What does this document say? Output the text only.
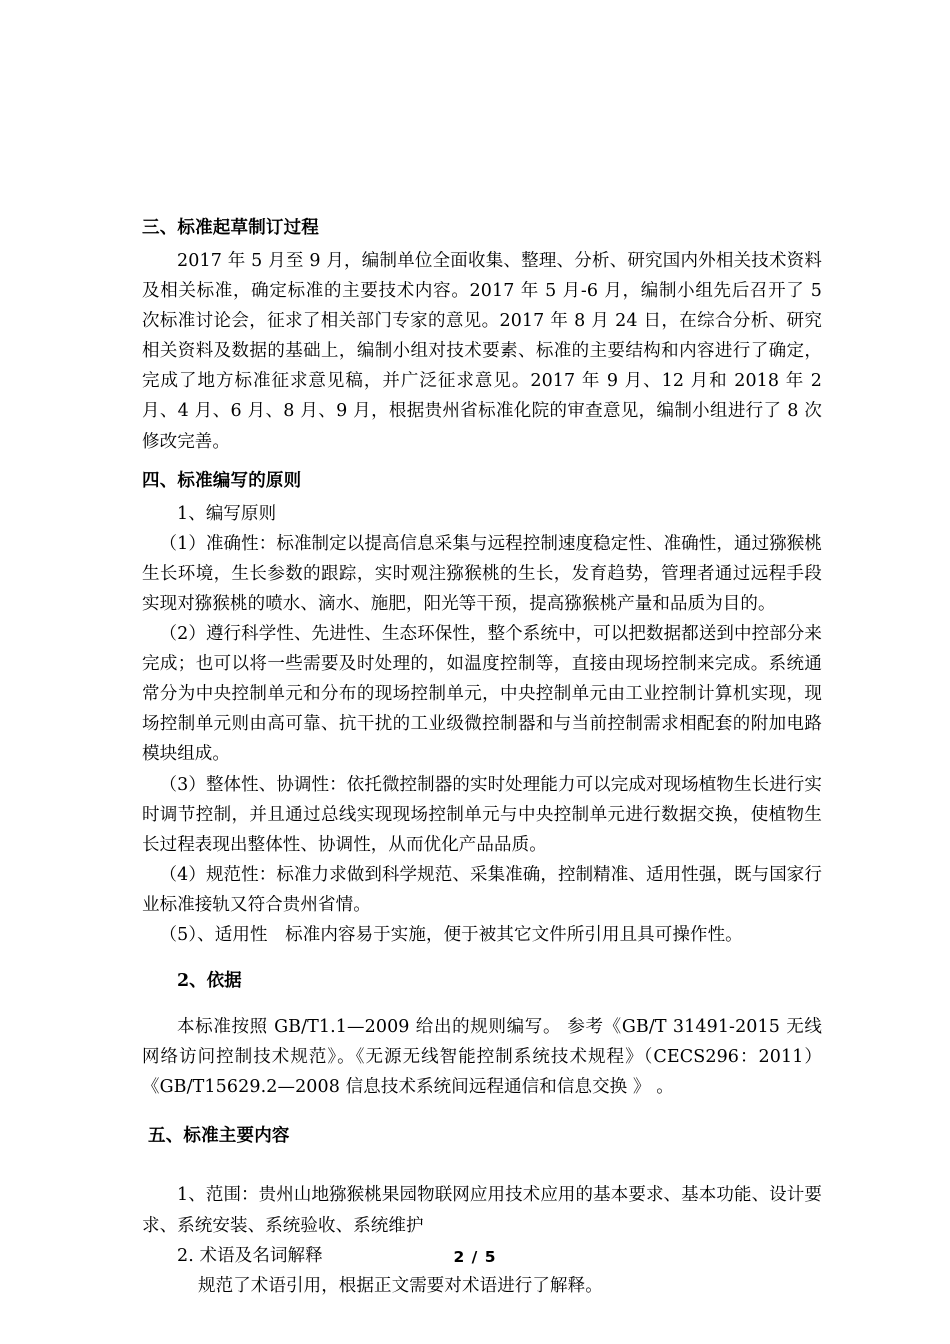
三、标准起草制订过程

2017 年 5 月至 9 月，编制单位全面收集、整理、分析、研究国内外相关技术资料及相关标准，确定标准的主要技术内容。2017 年 5 月-6 月，编制小组先后召开了 5 次标准讨论会，征求了相关部门专家的意见。2017 年 8 月 24 日，在综合分析、研究相关资料及数据的基础上，编制小组对技术要素、标准的主要结构和内容进行了确定，完成了地方标准征求意见稿，并广泛征求意见。2017 年 9 月、12 月和 2018 年 2 月、4 月、6 月、8 月、9 月，根据贵州省标准化院的审查意见，编制小组进行了 8 次修改完善。

四、标准编写的原则

1、编写原则

（1）准确性：标准制定以提高信息采集与远程控制速度稳定性、准确性，通过猕猴桃生长环境，生长参数的跟踪，实时观注猕猴桃的生长，发育趋势，管理者通过远程手段实现对猕猴桃的喷水、滴水、施肥，阳光等干预，提高猕猴桃产量和品质为目的。

（2）遵行科学性、先进性、生态环保性，整个系统中，可以把数据都送到中控部分来完成；也可以将一些需要及时处理的，如温度控制等，直接由现场控制来完成。系统通常分为中央控制单元和分布的现场控制单元，中央控制单元由工业控制计算机实现，现场控制单元则由高可靠、抗干扰的工业级微控制器和与当前控制需求相配套的附加电路模块组成。

（3）整体性、协调性：依托微控制器的实时处理能力可以完成对现场植物生长进行实时调节控制，并且通过总线实现现场控制单元与中央控制单元进行数据交换，使植物生长过程表现出整体性、协调性，从而优化产品品质。

（4）规范性：标准力求做到科学规范、采集准确，控制精准、适用性强，既与国家行业标准接轨又符合贵州省情。

（5）、适用性　标准内容易于实施，便于被其它文件所引用且具可操作性。

2、依据

本标准按照 GB/T1.1—2009 给出的规则编写。 参考《GB/T 31491-2015 无线网络访问控制技术规范》。《无源无线智能控制系统技术规程》（CECS296：2011）《GB/T15629.2—2008 信息技术系统间远程通信和信息交换 》 。

五、标准主要内容

1、范围：贵州山地猕猴桃果园物联网应用技术应用的基本要求、基本功能、设计要求、系统安装、系统验收、系统维护

2. 术语及名词解释

规范了术语引用，根据正文需要对术语进行了解释。

2 / 5
